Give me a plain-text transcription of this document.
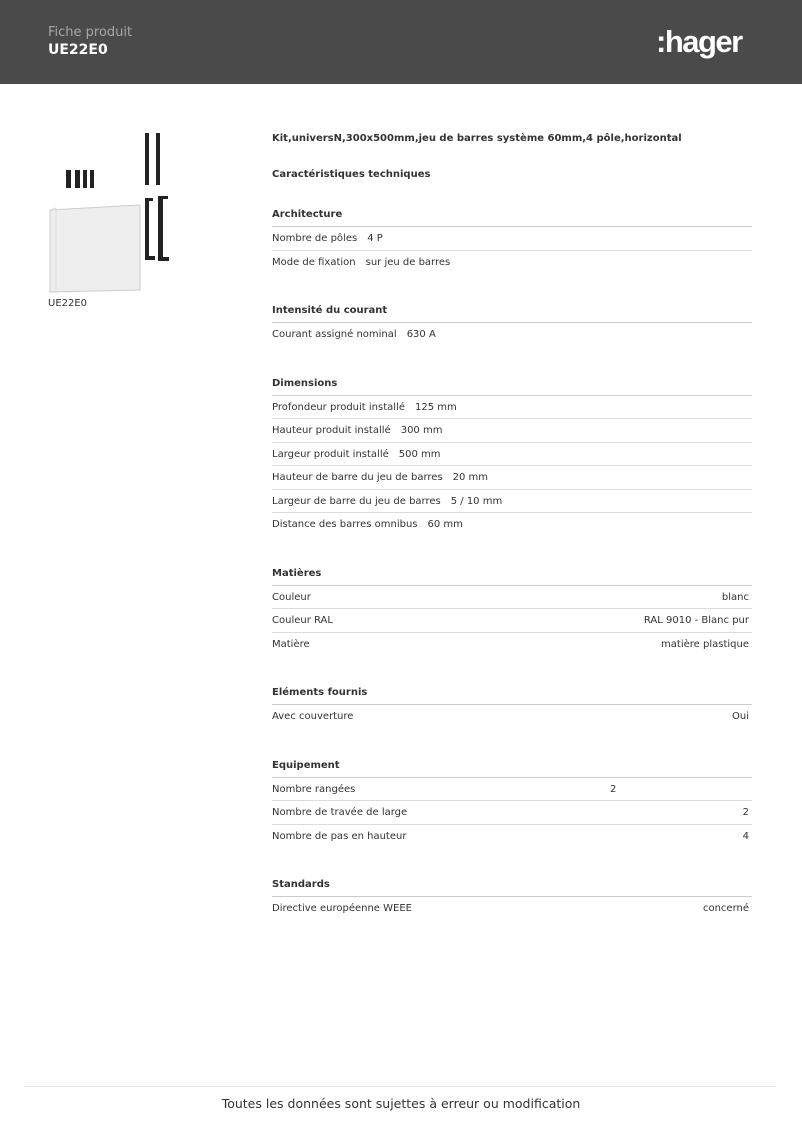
Fiche produit
UE22E0	:hager
UE22E0
Kit,universN,300x500mm,jeu de barres système 60mm,4 pôle,horizontal
Caractéristiques techniques
Architecture
Nombre de pôles 4 P
Mode de fixation sur jeu de barres
Intensité du courant
Courant assigné nominal 630 A
Dimensions
Profondeur produit installé 125 mm
Hauteur produit installé 300 mm
Largeur produit installé 500 mm
Hauteur de barre du jeu de barres 20 mm
Largeur de barre du jeu de barres 5 / 10 mm
Distance des barres omnibus 60 mm
Matières
Couleur	blanc
Couleur RAL	RAL 9010 - Blanc pur
Matière	matière plastique
Eléments fournis
Avec couverture	Oui
Equipement
Nombre rangées	2
Nombre de travée de large	2
Nombre de pas en hauteur	4
Standards
Directive européenne WEEE	concerné
Toutes les données sont sujettes à erreur ou modification
